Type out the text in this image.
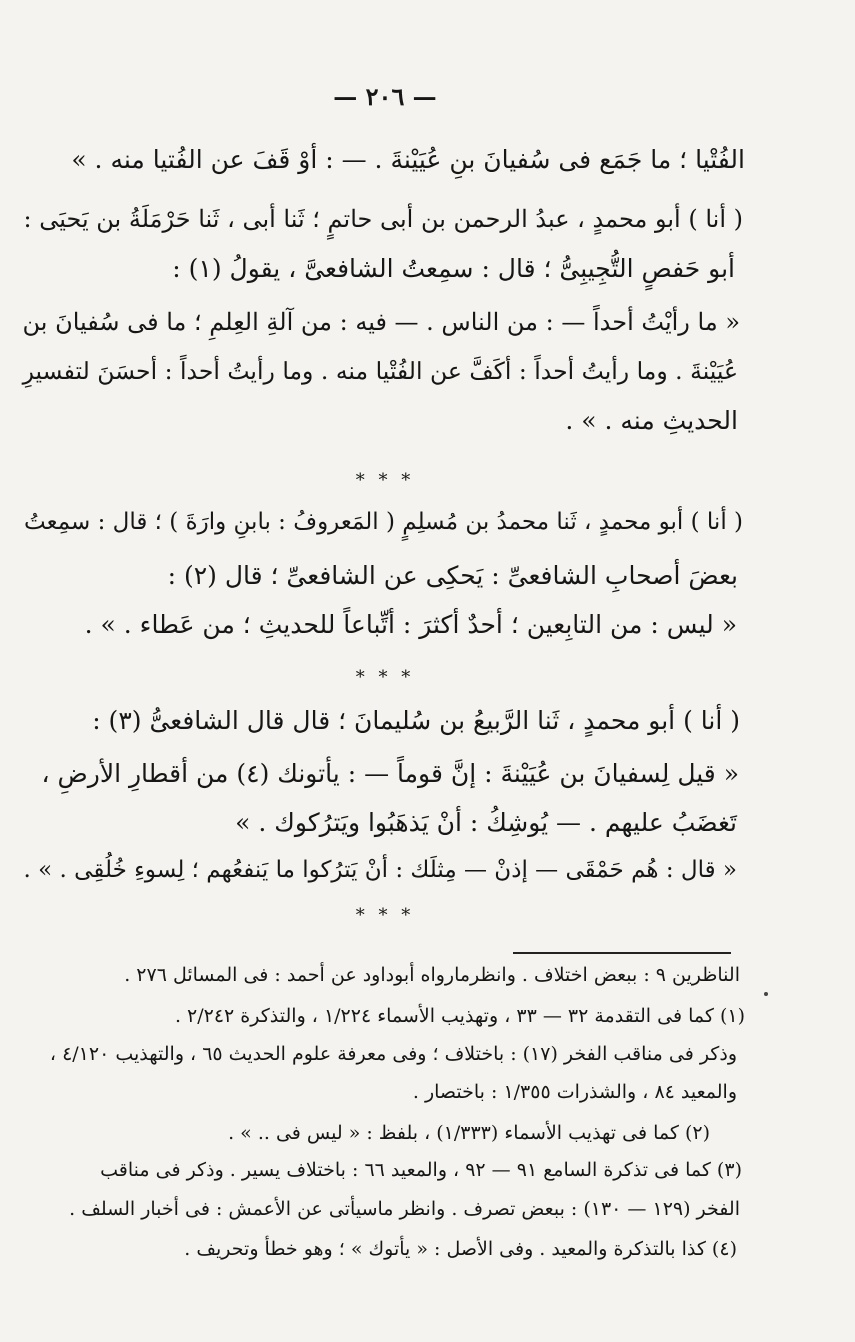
— ٢٠٦ —
الفُتْيا ؛ ما جَمَع فى سُفيانَ بنِ عُيَيْنةَ . — : أوْ قَفَ عن الفُتيا منه . »
( أنا ) أبو محمدٍ ، عبدُ الرحمن بن أبى حاتمٍ ؛ ثَنا أبى ، ثَنا حَرْمَلَةُ بن يَحيَى :
أبو حَفصٍ التُّجِيبِىُّ ؛ قال : سمِعتُ الشافعىَّ ، يقولُ (١) :
« ما رأيْتُ أحداً — : من الناس . — فيه : من آلةِ العِلمِ ؛ ما فى سُفيانَ بن
عُيَيْنةَ . وما رأيتُ أحداً : أكَفَّ عن الفُتْيا منه . وما رأيتُ أحداً : أحسَنَ لتفسيرِ
الحديثِ منه . » .
* * *
( أنا ) أبو محمدٍ ، ثَنا محمدُ بن مُسلِمٍ ( المَعروفُ : بابنِ وارَةَ ) ؛ قال : سمِعتُ
بعضَ أصحابِ الشافعىِّ : يَحكِى عن الشافعىِّ ؛ قال (٢) :
« ليس : من التابِعين ؛ أحدٌ أكثرَ : أتِّباعاً للحديثِ ؛ من عَطاء . » .
* * *
( أنا ) أبو محمدٍ ، ثَنا الرَّبيعُ بن سُليمانَ ؛ قال قال الشافعىُّ (٣) :
« قيل لِسفيانَ بن عُيَيْنةَ : إنَّ قوماً — : يأتونك (٤) من أقطارِ الأرضِ ،
تَغضَبُ عليهم . — يُوشِكُ : أنْ يَذهَبُوا ويَترُكوك . »
« قال : هُم حَمْقَى — إذنْ — مِثلَك : أنْ يَترُكوا ما يَنفعُهم ؛ لِسوءِ خُلُقِى . » .
* * *
الناظرين ٩ : ببعض اختلاف . وانظرمارواه أبوداود عن أحمد : فى المسائل ٢٧٦ .
(١) كما فى التقدمة ٣٢ — ٣٣ ، وتهذيب الأسماء ١/٢٢٤ ، والتذكرة ٢/٢٤٢ .
وذكر فى مناقب الفخر (١٧) : باختلاف ؛ وفى معرفة علوم الحديث ٦٥ ، والتهذيب ٤/١٢٠ ،
والمعيد ٨٤ ، والشذرات ١/٣٥٥ : باختصار .
(٢) كما فى تهذيب الأسماء (١/٣٣٣) ، بلفظ : « ليس فى .. » .
(٣) كما فى تذكرة السامع ٩١ — ٩٢ ، والمعيد ٦٦ : باختلاف يسير . وذكر فى مناقب
الفخر (١٢٩ — ١٣٠) : ببعض تصرف . وانظر ماسيأتى عن الأعمش : فى أخبار السلف .
(٤) كذا بالتذكرة والمعيد . وفى الأصل : « يأتوك » ؛ وهو خطأ وتحريف .
